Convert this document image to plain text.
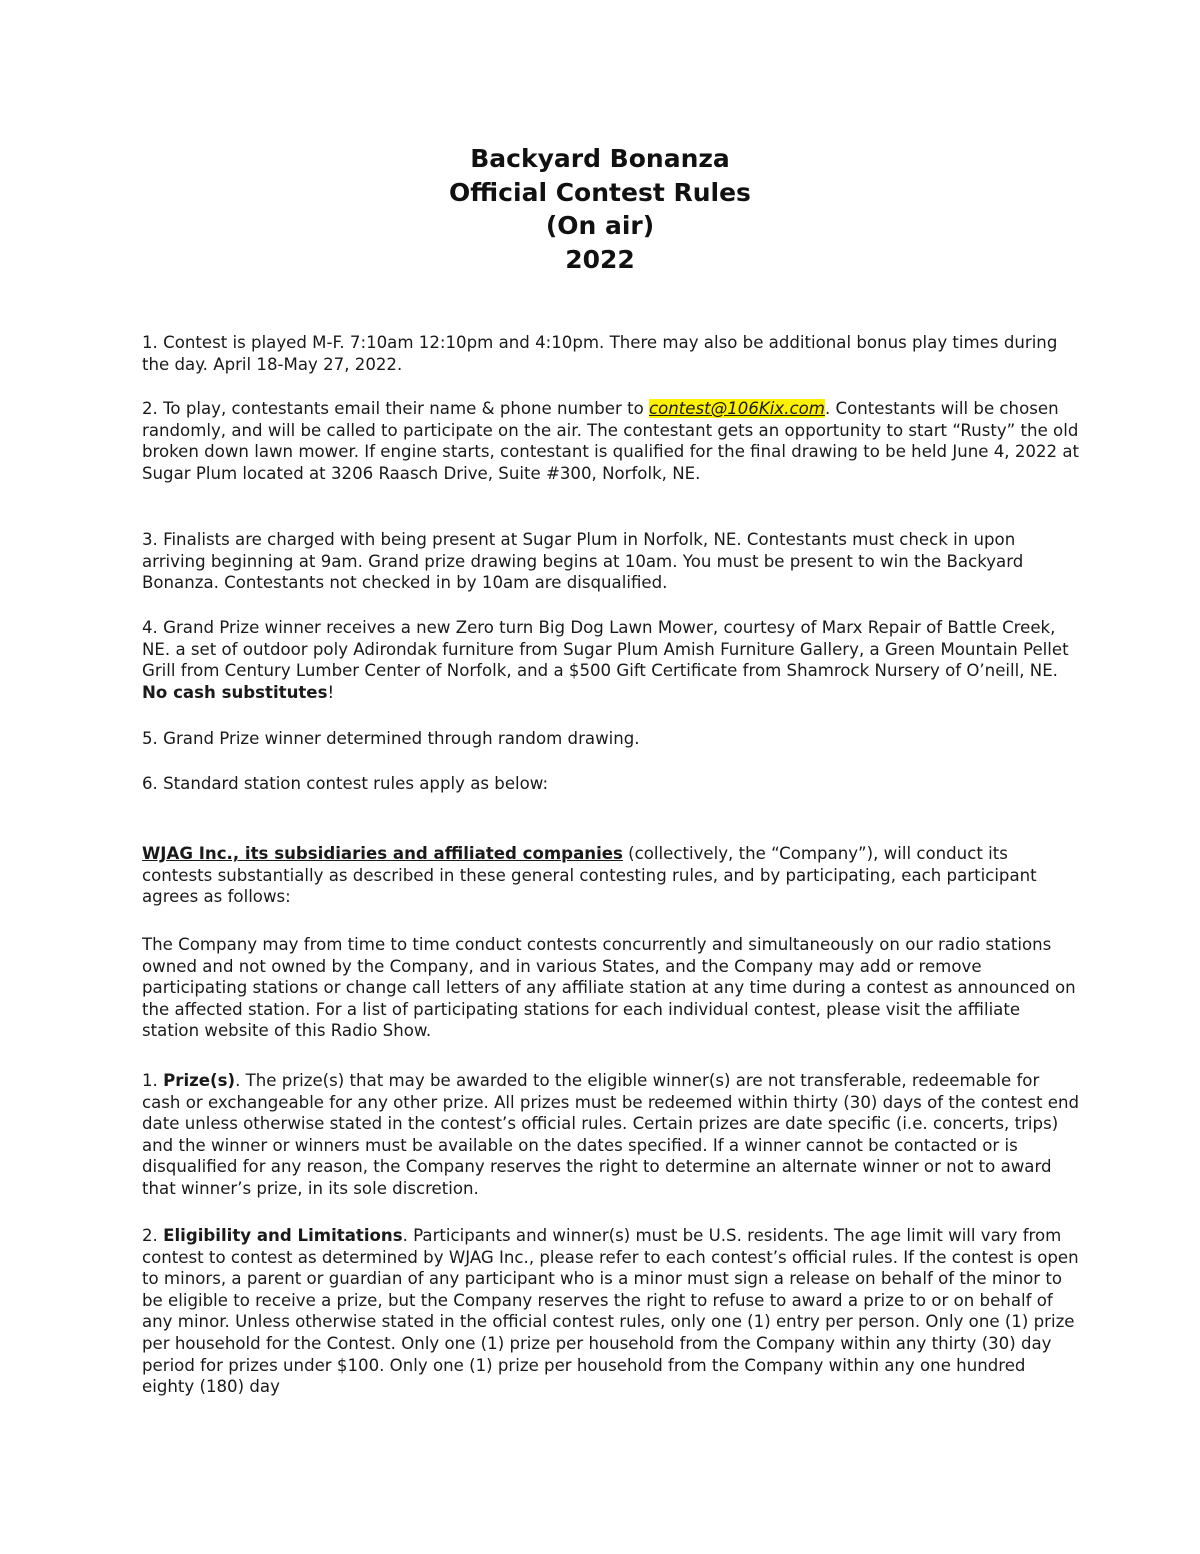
Backyard Bonanza
Official Contest Rules
(On air)
2022

1. Contest is played M-F. 7:10am 12:10pm and 4:10pm. There may also be additional bonus play times during the day. April 18-May 27, 2022.

2. To play, contestants email their name & phone number to contest@106Kix.com. Contestants will be chosen randomly, and will be called to participate on the air. The contestant gets an opportunity to start “Rusty” the old broken down lawn mower. If engine starts, contestant is qualified for the final drawing to be held June 4, 2022 at Sugar Plum located at 3206 Raasch Drive, Suite #300, Norfolk, NE.

3. Finalists are charged with being present at Sugar Plum in Norfolk, NE. Contestants must check in upon arriving beginning at 9am. Grand prize drawing begins at 10am. You must be present to win the Backyard Bonanza. Contestants not checked in by 10am are disqualified.

4. Grand Prize winner receives a new Zero turn Big Dog Lawn Mower, courtesy of Marx Repair of Battle Creek, NE. a set of outdoor poly Adirondak furniture from Sugar Plum Amish Furniture Gallery, a Green Mountain Pellet Grill from Century Lumber Center of Norfolk, and a $500 Gift Certificate from Shamrock Nursery of O’neill, NE. No cash substitutes!

5. Grand Prize winner determined through random drawing.

6. Standard station contest rules apply as below:

WJAG Inc., its subsidiaries and affiliated companies (collectively, the “Company”), will conduct its contests substantially as described in these general contesting rules, and by participating, each participant agrees as follows:

The Company may from time to time conduct contests concurrently and simultaneously on our radio stations owned and not owned by the Company, and in various States, and the Company may add or remove participating stations or change call letters of any affiliate station at any time during a contest as announced on the affected station. For a list of participating stations for each individual contest, please visit the affiliate station website of this Radio Show.

1. Prize(s). The prize(s) that may be awarded to the eligible winner(s) are not transferable, redeemable for cash or exchangeable for any other prize. All prizes must be redeemed within thirty (30) days of the contest end date unless otherwise stated in the contest’s official rules. Certain prizes are date specific (i.e. concerts, trips) and the winner or winners must be available on the dates specified. If a winner cannot be contacted or is disqualified for any reason, the Company reserves the right to determine an alternate winner or not to award that winner’s prize, in its sole discretion.

2. Eligibility and Limitations. Participants and winner(s) must be U.S. residents. The age limit will vary from contest to contest as determined by WJAG Inc., please refer to each contest’s official rules. If the contest is open to minors, a parent or guardian of any participant who is a minor must sign a release on behalf of the minor to be eligible to receive a prize, but the Company reserves the right to refuse to award a prize to or on behalf of any minor. Unless otherwise stated in the official contest rules, only one (1) entry per person. Only one (1) prize per household for the Contest. Only one (1) prize per household from the Company within any thirty (30) day period for prizes under $100. Only one (1) prize per household from the Company within any one hundred eighty (180) day
